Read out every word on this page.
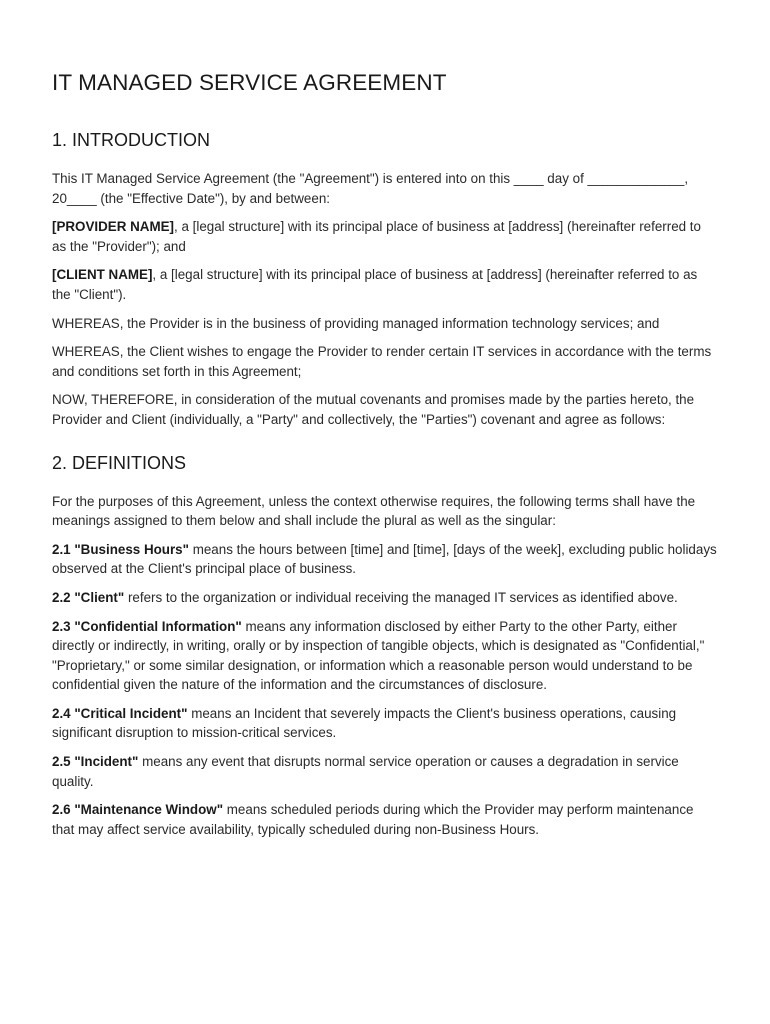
IT MANAGED SERVICE AGREEMENT
1. INTRODUCTION

This IT Managed Service Agreement (the "Agreement") is entered into on this ____ day of _____________, 20____ (the "Effective Date"), by and between:

[PROVIDER NAME], a [legal structure] with its principal place of business at [address] (hereinafter referred to as the "Provider"); and

[CLIENT NAME], a [legal structure] with its principal place of business at [address] (hereinafter referred to as the "Client").

WHEREAS, the Provider is in the business of providing managed information technology services; and

WHEREAS, the Client wishes to engage the Provider to render certain IT services in accordance with the terms and conditions set forth in this Agreement;

NOW, THEREFORE, in consideration of the mutual covenants and promises made by the parties hereto, the Provider and Client (individually, a "Party" and collectively, the "Parties") covenant and agree as follows:

2. DEFINITIONS

For the purposes of this Agreement, unless the context otherwise requires, the following terms shall have the meanings assigned to them below and shall include the plural as well as the singular:

2.1 "Business Hours" means the hours between [time] and [time], [days of the week], excluding public holidays observed at the Client's principal place of business.

2.2 "Client" refers to the organization or individual receiving the managed IT services as identified above.

2.3 "Confidential Information" means any information disclosed by either Party to the other Party, either directly or indirectly, in writing, orally or by inspection of tangible objects, which is designated as "Confidential," "Proprietary," or some similar designation, or information which a reasonable person would understand to be confidential given the nature of the information and the circumstances of disclosure.

2.4 "Critical Incident" means an Incident that severely impacts the Client's business operations, causing significant disruption to mission-critical services.

2.5 "Incident" means any event that disrupts normal service operation or causes a degradation in service quality.

2.6 "Maintenance Window" means scheduled periods during which the Provider may perform maintenance that may affect service availability, typically scheduled during non-Business Hours.
